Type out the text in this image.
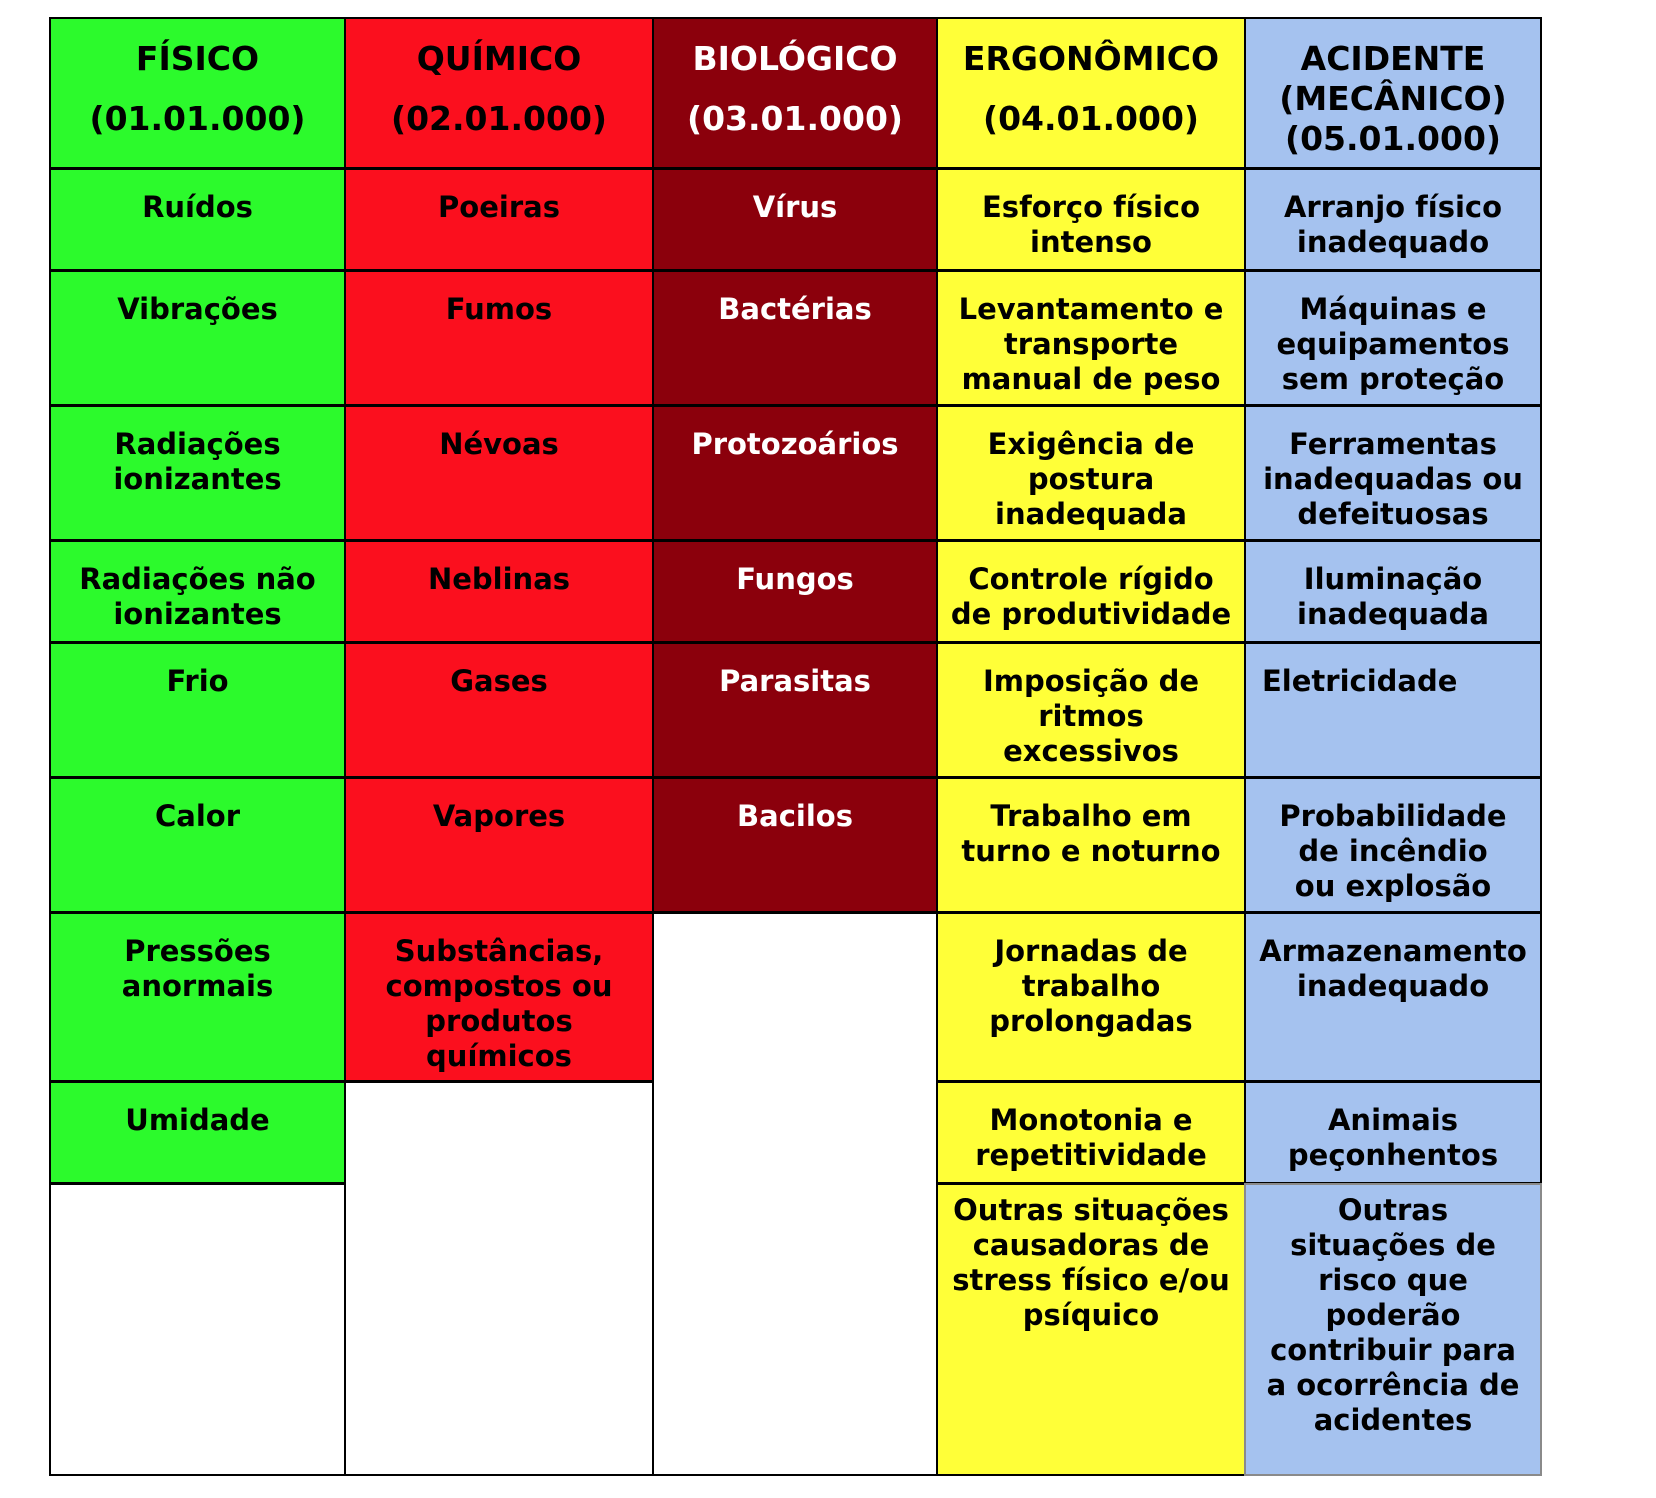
FÍSICO
(01.01.000)
Ruídos
Vibrações
Radiações ionizantes
Radiações não ionizantes
Frio
Calor
Pressões anormais
Umidade
QUÍMICO
(02.01.000)
Poeiras
Fumos
Névoas
Neblinas
Gases
Vapores
Substâncias, compostos ou produtos químicos
BIOLÓGICO
(03.01.000)
Vírus
Bactérias
Protozoários
Fungos
Parasitas
Bacilos
ERGONÔMICO
(04.01.000)
Esforço físico intenso
Levantamento e transporte manual de peso
Exigência de postura inadequada
Controle rígido de produtividade
Imposição de ritmos excessivos
Trabalho em turno e noturno
Jornadas de trabalho prolongadas
Monotonia e repetitividade
Outras situações causadoras de stress físico e/ou psíquico
ACIDENTE (MECÂNICO)
(05.01.000)
Arranjo físico inadequado
Máquinas e equipamentos sem proteção
Ferramentas inadequadas ou defeituosas
Iluminação inadequada
Eletricidade
Probabilidade de incêndio ou explosão
Armazenamento inadequado
Animais peçonhentos
Outras situações de risco que poderão contribuir para a ocorrência de acidentes
